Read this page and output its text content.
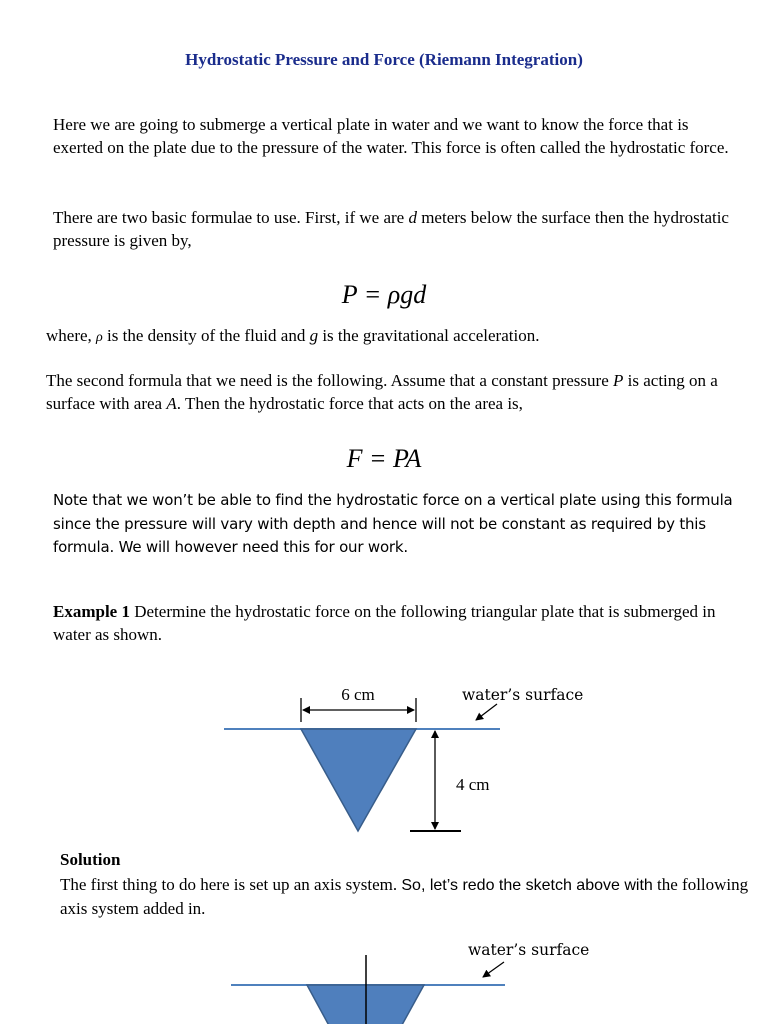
Hydrostatic Pressure and Force (Riemann Integration)
Here we are going to submerge a vertical plate in water and we want to know the force that is exerted on the plate due to the pressure of the water. This force is often called the hydrostatic force.
There are two basic formulae to use. First, if we are d meters below the surface then the hydrostatic pressure is given by,
P = ρgd
where, ρ is the density of the fluid and g is the gravitational acceleration.
The second formula that we need is the following. Assume that a constant pressure P is acting on a surface with area A. Then the hydrostatic force that acts on the area is,
F = PA
Note that we won’t be able to find the hydrostatic force on a vertical plate using this formula since the pressure will vary with depth and hence will not be constant as required by this formula. We will however need this for our work.
Example 1 Determine the hydrostatic force on the following triangular plate that is submerged in water as shown.
6 cm
4 cm
water’s surface
Solution
The first thing to do here is set up an axis system. So, let’s redo the sketch above with the following axis system added in.
water’s surface
